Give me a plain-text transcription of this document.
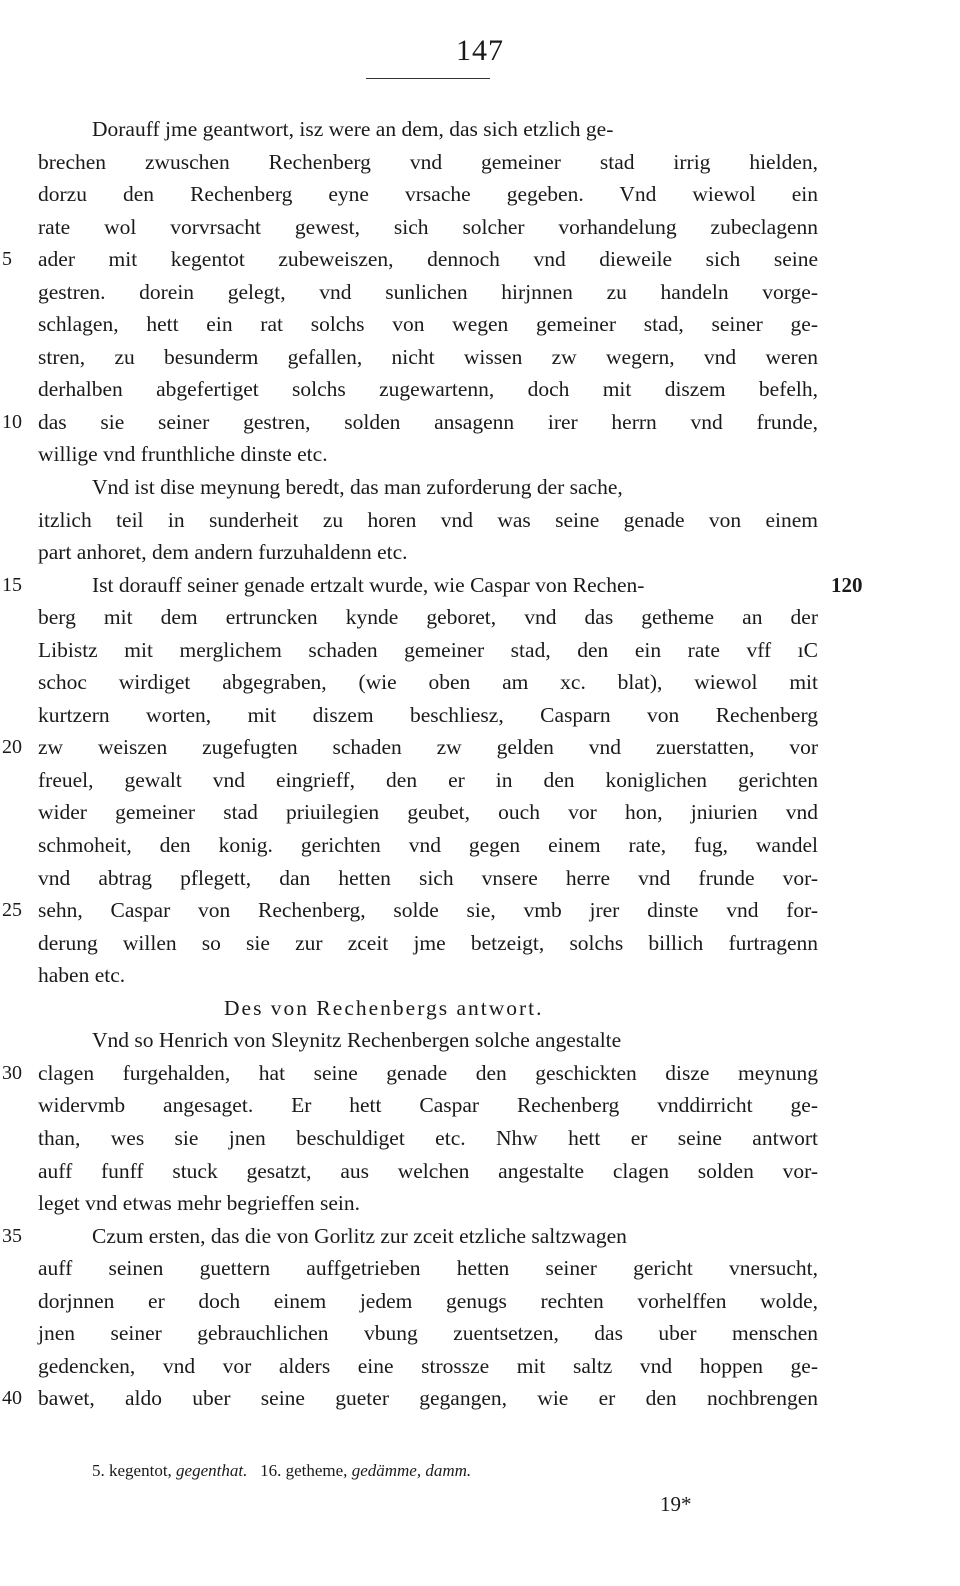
147
Dorauff jme geantwort, isz were an dem, das sich etzlich ge-
brechen zwuschen Rechenberg vnd gemeiner stad irrig hielden,
dorzu den Rechenberg eyne vrsache gegeben. Vnd wiewol ein
rate wol vorvrsacht gewest, sich solcher vorhandelung zubeclagenn
5	ader mit kegentot zubeweiszen, dennoch vnd dieweile sich seine
gestren. dorein gelegt, vnd sunlichen hirjnnen zu handeln vorge-
schlagen, hett ein rat solchs von wegen gemeiner stad, seiner ge-
stren, zu besunderm gefallen, nicht wissen zw wegern, vnd weren
derhalben abgefertiget solchs zugewartenn, doch mit diszem befelh,
10 das sie seiner gestren, solden ansagenn irer herrn vnd frunde,
willige vnd frunthliche dinste etc.
Vnd ist dise meynung beredt, das man zuforderung der sache,
itzlich teil in sunderheit zu horen vnd was seine genade von einem
part anhoret, dem andern furzuhaldenn etc.
15	Ist dorauff seiner genade ertzalt wurde, wie Caspar von Rechen-	120
berg mit dem ertruncken kynde geboret, vnd das getheme an der
Libistz mit merglichem schaden gemeiner stad, den ein rate vff ıC
schoc wirdiget abgegraben, (wie oben am xc. blat), wiewol mit
kurtzern worten, mit diszem beschliesz, Casparn von Rechenberg
20 zw weiszen zugefugten schaden zw gelden vnd zuerstatten, vor
freuel, gewalt vnd eingrieff, den er in den koniglichen gerichten
wider gemeiner stad priuilegien geubet, ouch vor hon, jniurien vnd
schmoheit, den konig. gerichten vnd gegen einem rate, fug, wandel
vnd abtrag pflegett, dan hetten sich vnsere herre vnd frunde vor-
25 sehn, Caspar von Rechenberg, solde sie, vmb jrer dinste vnd for-
derung willen so sie zur zceit jme betzeigt, solchs billich furtragenn
haben etc.
Des von Rechenbergs antwort.
Vnd so Henrich von Sleynitz Rechenbergen solche angestalte
30 clagen furgehalden, hat seine genade den geschickten disze meynung
widervmb angesaget. Er hett Caspar Rechenberg vnddirricht ge-
than, wes sie jnen beschuldiget etc. Nhw hett er seine antwort
auff funff stuck gesatzt, aus welchen angestalte clagen solden vor-
leget vnd etwas mehr begrieffen sein.
35	Czum ersten, das die von Gorlitz zur zceit etzliche saltzwagen
auff seinen guettern auffgetrieben hetten seiner gericht vnersucht,
dorjnnen er doch einem jedem genugs rechten vorhelffen wolde,
jnen seiner gebrauchlichen vbung zuentsetzen, das uber menschen
gedencken, vnd vor alders eine strossze mit saltz vnd hoppen ge-
40 bawet, aldo uber seine gueter gegangen, wie er den nochbrengen
5. kegentot, gegenthat. 16. getheme, gedämme, damm.
19*
